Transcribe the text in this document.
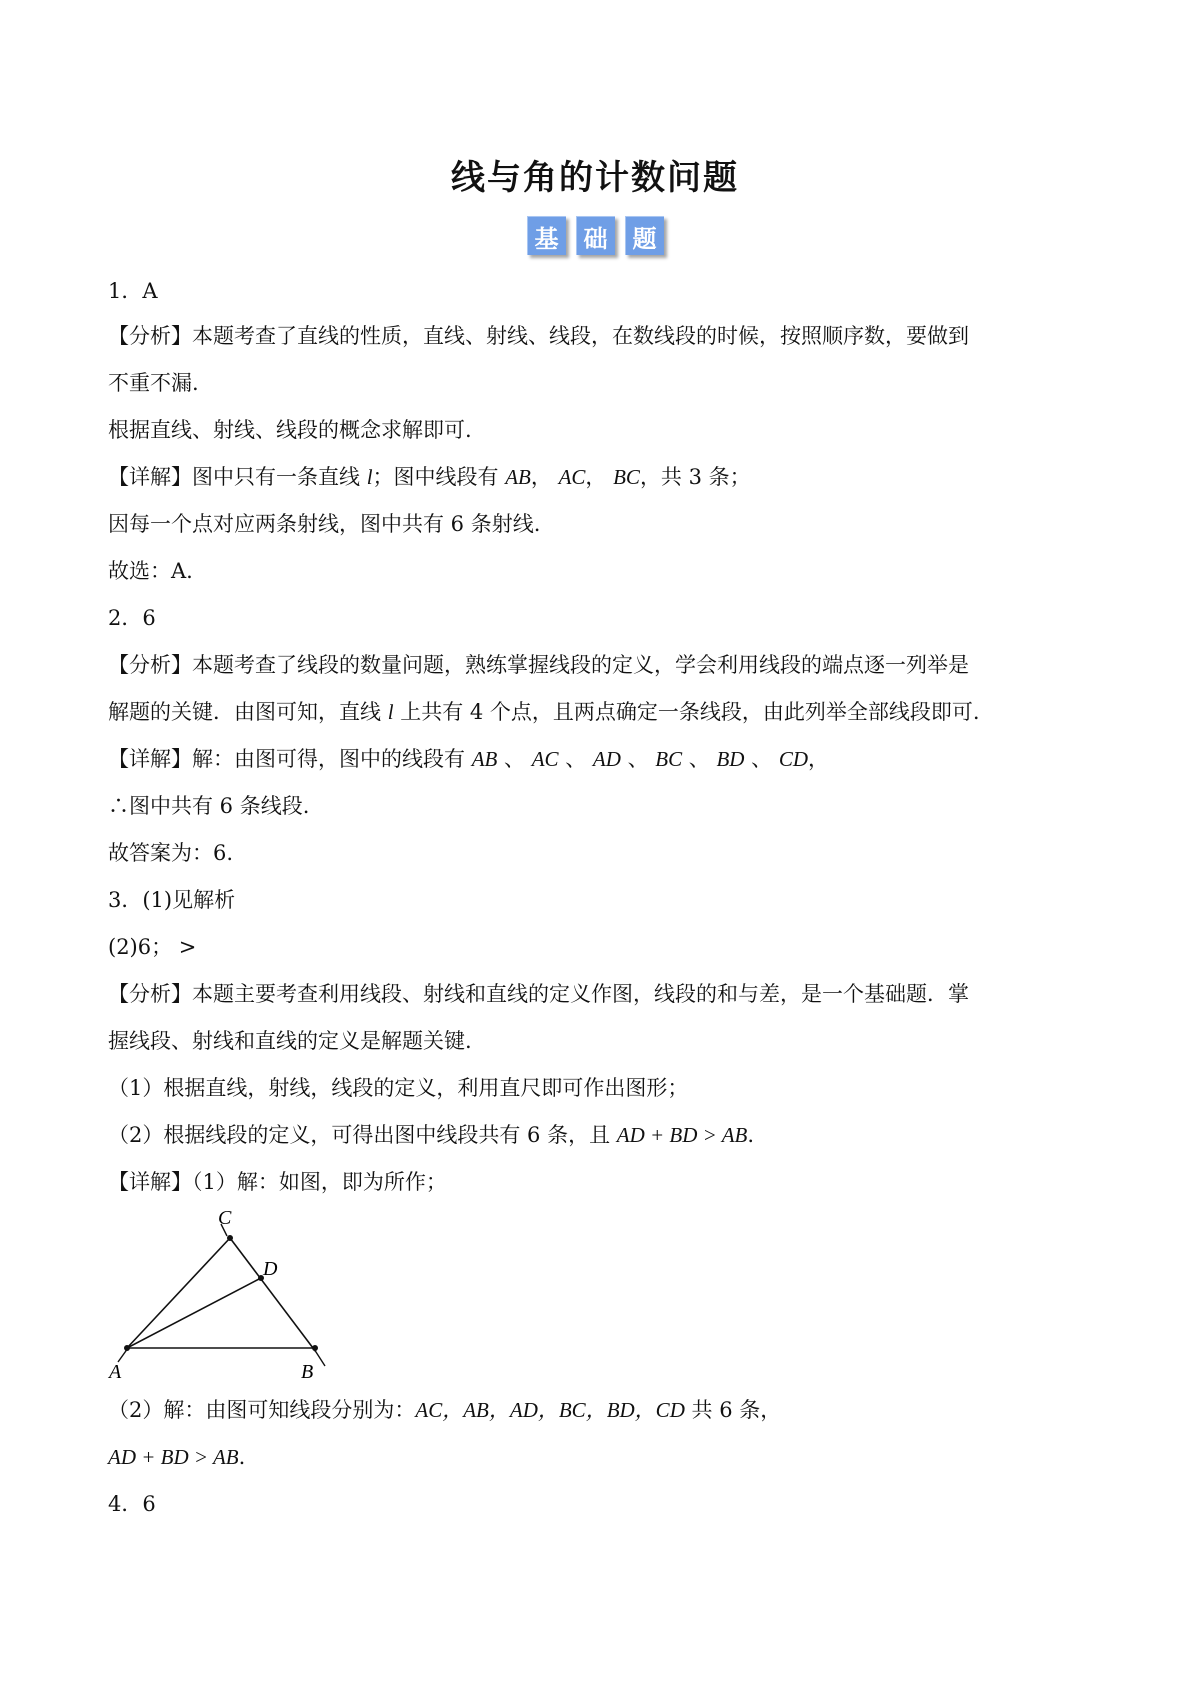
线与角的计数问题
基	础	题
1．A
【分析】本题考查了直线的性质，直线、射线、线段，在数线段的时候，按照顺序数，要做到
不重不漏.
根据直线、射线、线段的概念求解即可.
【详解】图中只有一条直线 l；图中线段有 AB， AC， BC，共 3 条；
因每一个点对应两条射线，图中共有 6 条射线.
故选：A.
2．6
【分析】本题考查了线段的数量问题，熟练掌握线段的定义，学会利用线段的端点逐一列举是
解题的关键．由图可知，直线 l 上共有 4 个点，且两点确定一条线段，由此列举全部线段即可.
【详解】解：由图可得，图中的线段有 AB 、 AC 、 AD 、 BC 、 BD 、 CD，
∴图中共有 6 条线段.
故答案为：6.
3．(1)见解析
(2)6； >
【分析】本题主要考查利用线段、射线和直线的定义作图，线段的和与差，是一个基础题．掌
握线段、射线和直线的定义是解题关键.
（1）根据直线，射线，线段的定义，利用直尺即可作出图形；
（2）根据线段的定义，可得出图中线段共有 6 条，且 AD + BD > AB.
【详解】（1）解：如图，即为所作；
C
D
A	B
（2）解：由图可知线段分别为：AC，AB，AD，BC，BD，CD 共 6 条，
AD + BD > AB.
4．6
